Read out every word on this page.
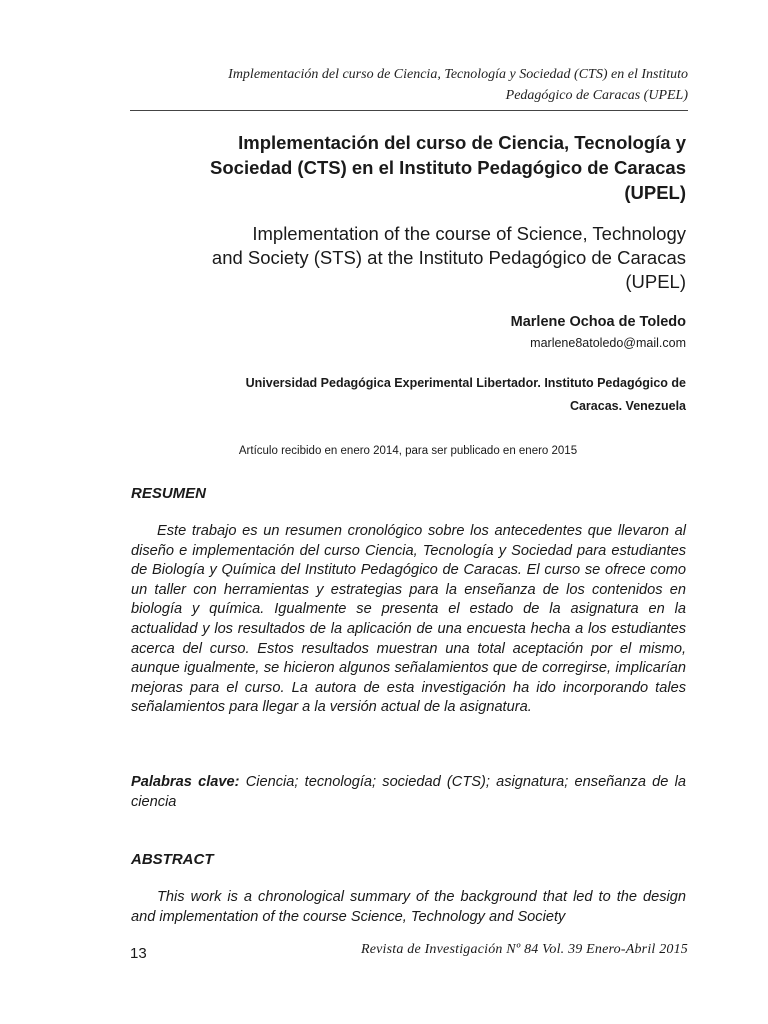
Implementación del curso de Ciencia, Tecnología y Sociedad (CTS) en el Instituto
Pedagógico de Caracas (UPEL)
Implementación del curso de Ciencia, Tecnología y
Sociedad (CTS) en el Instituto Pedagógico de Caracas
(UPEL)
Implementation of the course of Science, Technology
and Society (STS) at the Instituto Pedagógico de Caracas
(UPEL)
Marlene Ochoa de Toledo
marlene8atoledo@mail.com
Universidad Pedagógica Experimental Libertador. Instituto Pedagógico de
Caracas. Venezuela
Artículo recibido en enero 2014, para ser publicado en enero 2015
RESUMEN

Este trabajo es un resumen cronológico sobre los antecedentes que llevaron al diseño e implementación del curso Ciencia, Tecnología y Sociedad para estudiantes de Biología y Química del Instituto Pedagógico de Caracas. El curso se ofrece como un taller con herramientas y estrategias para la enseñanza de los contenidos en biología y química. Igualmente se presenta el estado de la asignatura en la actualidad y los resultados de la aplicación de una encuesta hecha a los estudiantes acerca del curso. Estos resultados muestran una total aceptación por el mismo, aunque igualmente, se hicieron algunos señalamientos que de corregirse, implicarían mejoras para el curso. La autora de esta investigación ha ido incorporando tales señalamientos para llegar a la versión actual de la asignatura.

Palabras clave: Ciencia; tecnología; sociedad (CTS); asignatura; enseñanza de la ciencia

ABSTRACT

This work is a chronological summary of the background that led to the design and implementation of the course Science, Technology and Society

13	Revista de Investigación Nº 84 Vol. 39 Enero-Abril 2015
